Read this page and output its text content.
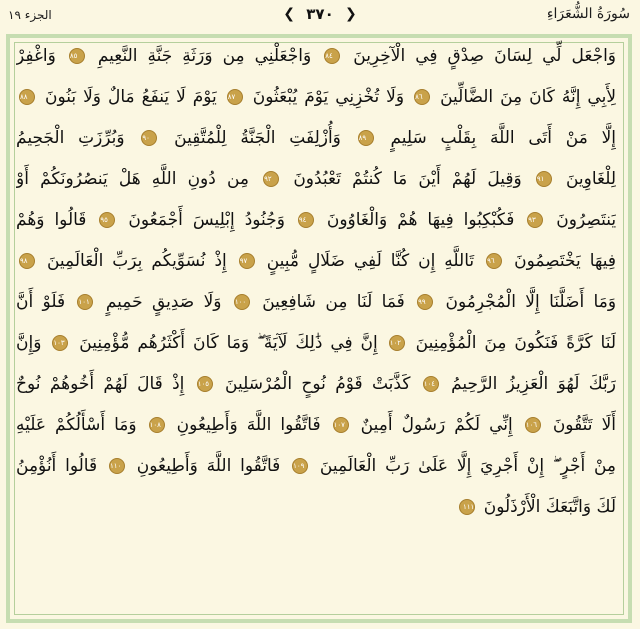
سُورَةُ الشُّعَرَاءِ
❮ ٣٧٠ ❯
الجزء ١٩
وَاجْعَل لِّي لِسَانَ صِدْقٍ فِي الْآخِرِينَ ٨٤ وَاجْعَلْنِي مِن وَرَثَةِ جَنَّةِ النَّعِيمِ ٨٥ وَاغْفِرْ
لِأَبِي إِنَّهُ كَانَ مِنَ الضَّالِّينَ ٨٦ وَلَا تُخْزِنِي يَوْمَ يُبْعَثُونَ ٨٧ يَوْمَ لَا يَنفَعُ مَالٌ وَلَا بَنُونَ ٨٨
إِلَّا مَنْ أَتَى اللَّهَ بِقَلْبٍ سَلِيمٍ ٨٩ وَأُزْلِفَتِ الْجَنَّةُ لِلْمُتَّقِينَ ٩٠ وَبُرِّزَتِ الْجَحِيمُ
لِلْغَاوِينَ ٩١ وَقِيلَ لَهُمْ أَيْنَ مَا كُنتُمْ تَعْبُدُونَ ٩٢ مِن دُونِ اللَّهِ هَلْ يَنصُرُونَكُمْ أَوْ
يَنتَصِرُونَ ٩٣ فَكُبْكِبُوا فِيهَا هُمْ وَالْغَاوُونَ ٩٤ وَجُنُودُ إِبْلِيسَ أَجْمَعُونَ ٩٥ قَالُوا وَهُمْ
فِيهَا يَخْتَصِمُونَ ٩٦ تَاللَّهِ إِن كُنَّا لَفِي ضَلَالٍ مُّبِينٍ ٩٧ إِذْ نُسَوِّيكُم بِرَبِّ الْعَالَمِينَ ٩٨
وَمَا أَضَلَّنَا إِلَّا الْمُجْرِمُونَ ٩٩ فَمَا لَنَا مِن شَافِعِينَ ١٠٠ وَلَا صَدِيقٍ حَمِيمٍ ١٠١ فَلَوْ أَنَّ
لَنَا كَرَّةً فَنَكُونَ مِنَ الْمُؤْمِنِينَ ١٠٢ إِنَّ فِي ذَٰلِكَ لَآيَةً ۖ وَمَا كَانَ أَكْثَرُهُم مُّؤْمِنِينَ ١٠٣ وَإِنَّ
رَبَّكَ لَهُوَ الْعَزِيزُ الرَّحِيمُ ١٠٤ كَذَّبَتْ قَوْمُ نُوحٍ الْمُرْسَلِينَ ١٠٥ إِذْ قَالَ لَهُمْ أَخُوهُمْ نُوحٌ
أَلَا تَتَّقُونَ ١٠٦ إِنِّي لَكُمْ رَسُولٌ أَمِينٌ ١٠٧ فَاتَّقُوا اللَّهَ وَأَطِيعُونِ ١٠٨ وَمَا أَسْأَلُكُمْ عَلَيْهِ
مِنْ أَجْرٍ ۖ إِنْ أَجْرِيَ إِلَّا عَلَىٰ رَبِّ الْعَالَمِينَ ١٠٩ فَاتَّقُوا اللَّهَ وَأَطِيعُونِ ١١٠ قَالُوا أَنُؤْمِنُ
لَكَ وَاتَّبَعَكَ الْأَرْذَلُونَ ١١١
